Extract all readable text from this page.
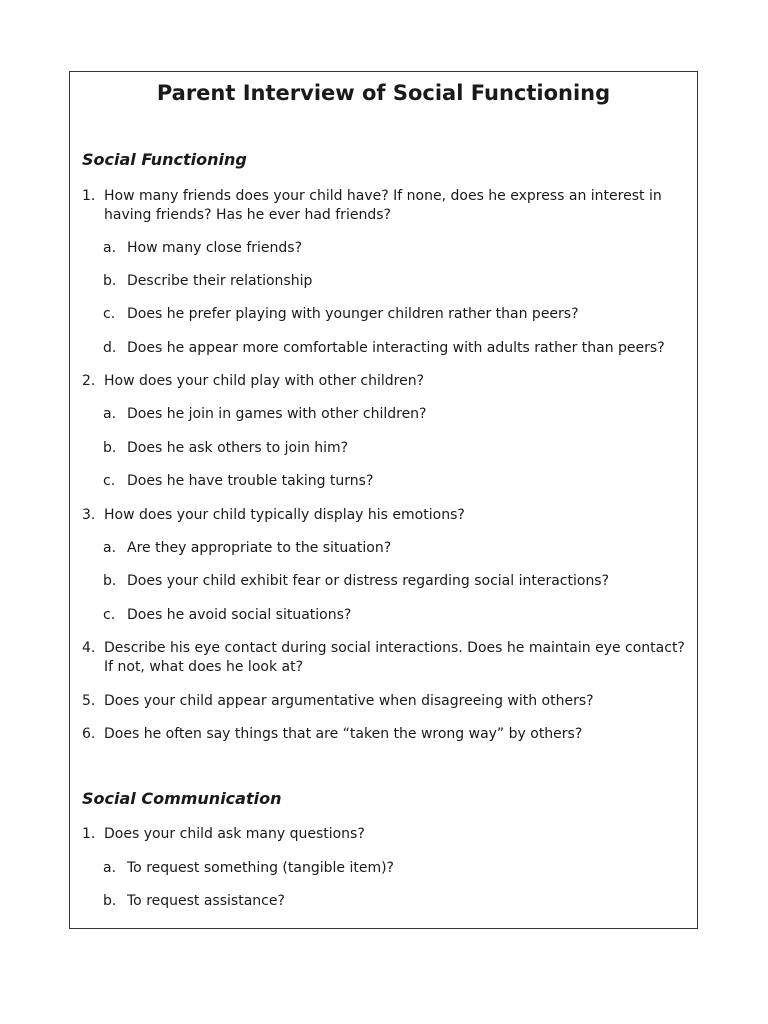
Parent Interview of Social Functioning
Social Functioning
1. How many friends does your child have? If none, does he express an interest in having friends? Has he ever had friends?
a. How many close friends?
b. Describe their relationship
c. Does he prefer playing with younger children rather than peers?
d. Does he appear more comfortable interacting with adults rather than peers?
2. How does your child play with other children?
a. Does he join in games with other children?
b. Does he ask others to join him?
c. Does he have trouble taking turns?
3. How does your child typically display his emotions?
a. Are they appropriate to the situation?
b. Does your child exhibit fear or distress regarding social interactions?
c. Does he avoid social situations?
4. Describe his eye contact during social interactions. Does he maintain eye contact? If not, what does he look at?
5. Does your child appear argumentative when disagreeing with others?
6. Does he often say things that are “taken the wrong way” by others?
Social Communication
1. Does your child ask many questions?
a. To request something (tangible item)?
b. To request assistance?
